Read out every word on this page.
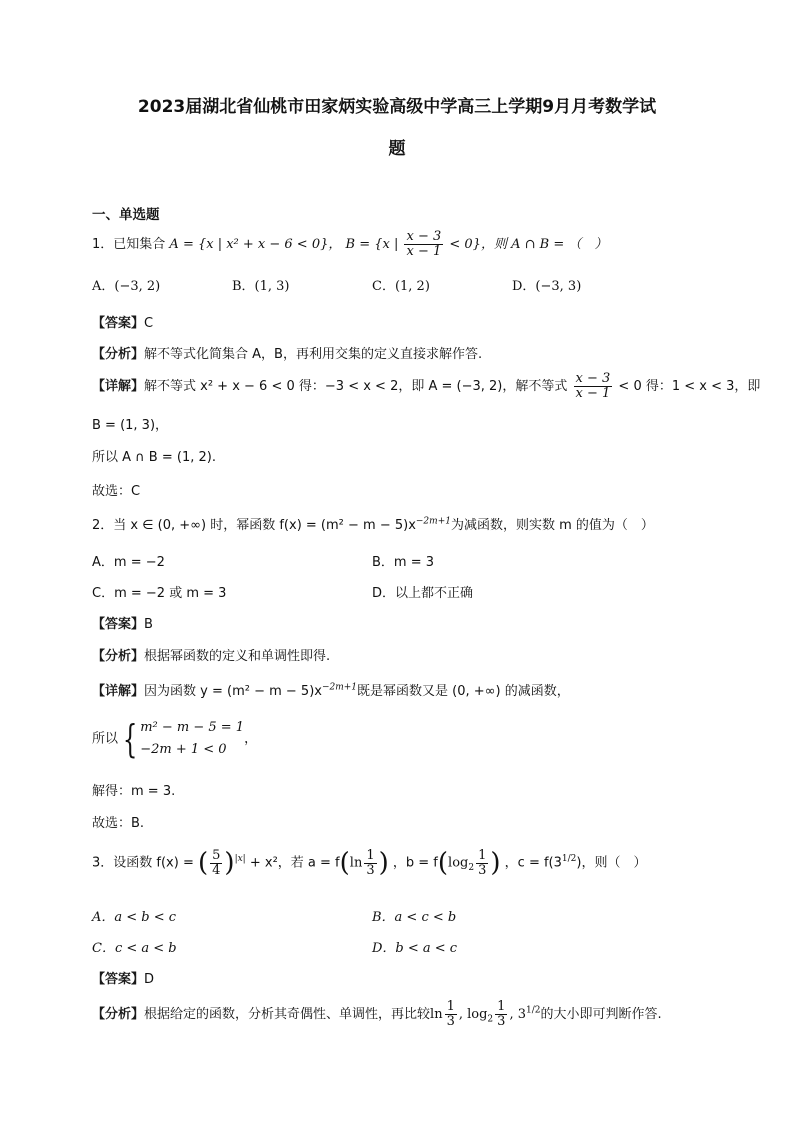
2023届湖北省仙桃市田家炳实验高级中学高三上学期9月月考数学试
题
一、单选题
1．已知集合 A = {x | x² + x − 6 < 0}， B = {x | $\frac{x - 3}{x - 1} < 0$}，则 A ∩ B = （　）
A．(−3, 2)	B．(1, 3)	C．(1, 2)	D．(−3, 3)
【答案】C
【分析】解不等式化简集合 A，B，再利用交集的定义直接求解作答.
【详解】解不等式 x² + x − 6 < 0 得：−3 < x < 2，即 A = (−3, 2)，解不等式 $\frac{x - 3}{x - 1} < 0$ 得：1 < x < 3，即
B = (1, 3)，
所以 A ∩ B = (1, 2).
故选：C
2．当 x ∈ (0, +∞) 时，幂函数 $f(x) = (m^2 - m - 5)x^{-2m+1}$为减函数，则实数 m 的值为（　）
A．m = −2	B．m = 3
C．m = −2 或 m = 3	D．以上都不正确
【答案】B
【分析】根据幂函数的定义和单调性即得.
【详解】因为函数 $y = (m^2 - m - 5)x^{-2m+1}$既是幂函数又是 (0, +∞) 的减函数，
所以 { m² − m − 5 = 1
−2m + 1 < 0
，
解得：m = 3.
故选：B.
3．设函数 f(x) = ( $\frac{5}{4} )^{|x|} + x^2$，若 $a = f(\ln \frac{1}{3}$ ) ，$b = f(\log_2 \frac{1}{3}$ ) ，$c = f(3^{1/2})$，则（　）
A．a < b < c	B．a < c < b
C．c < a < b	D．b < a < c
【答案】D
【分析】根据给定的函数，分析其奇偶性、单调性，再比较$\ln \frac{1}{3}$ , $\log_2 \frac{1}{3}$ , $3^{1/2}$的大小即可判断作答.
